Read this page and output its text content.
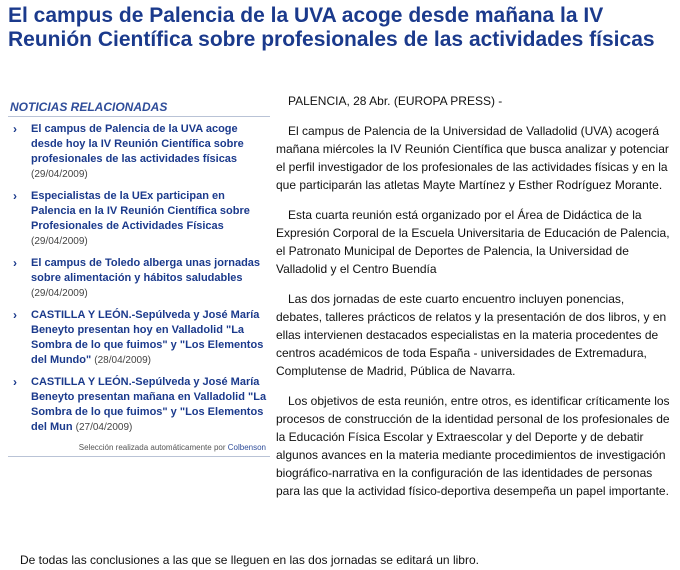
El campus de Palencia de la UVA acoge desde mañana la IV Reunión Científica sobre profesionales de las actividades físicas
NOTICIAS RELACIONADAS
› El campus de Palencia de la UVA acoge desde hoy la IV Reunión Científica sobre profesionales de las actividades físicas (29/04/2009)
› Especialistas de la UEx participan en Palencia en la IV Reunión Científica sobre Profesionales de Actividades Físicas (29/04/2009)
› El campus de Toledo alberga unas jornadas sobre alimentación y hábitos saludables (29/04/2009)
› CASTILLA Y LEÓN.-Sepúlveda y José María Beneyto presentan hoy en Valladolid "La Sombra de lo que fuimos" y "Los Elementos del Mundo" (28/04/2009)
› CASTILLA Y LEÓN.-Sepúlveda y José María Beneyto presentan mañana en Valladolid "La Sombra de lo que fuimos" y "Los Elementos del Mun (27/04/2009)
Selección realizada automáticamente por Colbenson

PALENCIA, 28 Abr. (EUROPA PRESS) -

El campus de Palencia de la Universidad de Valladolid (UVA) acogerá mañana miércoles la IV Reunión Científica que busca analizar y potenciar el perfil investigador de los profesionales de las actividades físicas y en la que participarán las atletas Mayte Martínez y Esther Rodríguez Morante.

Esta cuarta reunión está organizado por el Área de Didáctica de la Expresión Corporal de la Escuela Universitaria de Educación de Palencia, el Patronato Municipal de Deportes de Palencia, la Universidad de Valladolid y el Centro Buendía

Las dos jornadas de este cuarto encuentro incluyen ponencias, debates, talleres prácticos de relatos y la presentación de dos libros, y en ellas intervienen destacados especialistas en la materia procedentes de centros académicos de toda España - universidades de Extremadura, Complutense de Madrid, Pública de Navarra.

Los objetivos de esta reunión, entre otros, es identificar críticamente los procesos de construcción de la identidad personal de los profesionales de la Educación Física Escolar y Extraescolar y del Deporte y de debatir algunos avances en la materia mediante procedimientos de investigación biográfico-narrativa en la configuración de las identidades de personas para las que la actividad físico-deportiva desempeña un papel importante.

De todas las conclusiones a las que se lleguen en las dos jornadas se editará un libro.
